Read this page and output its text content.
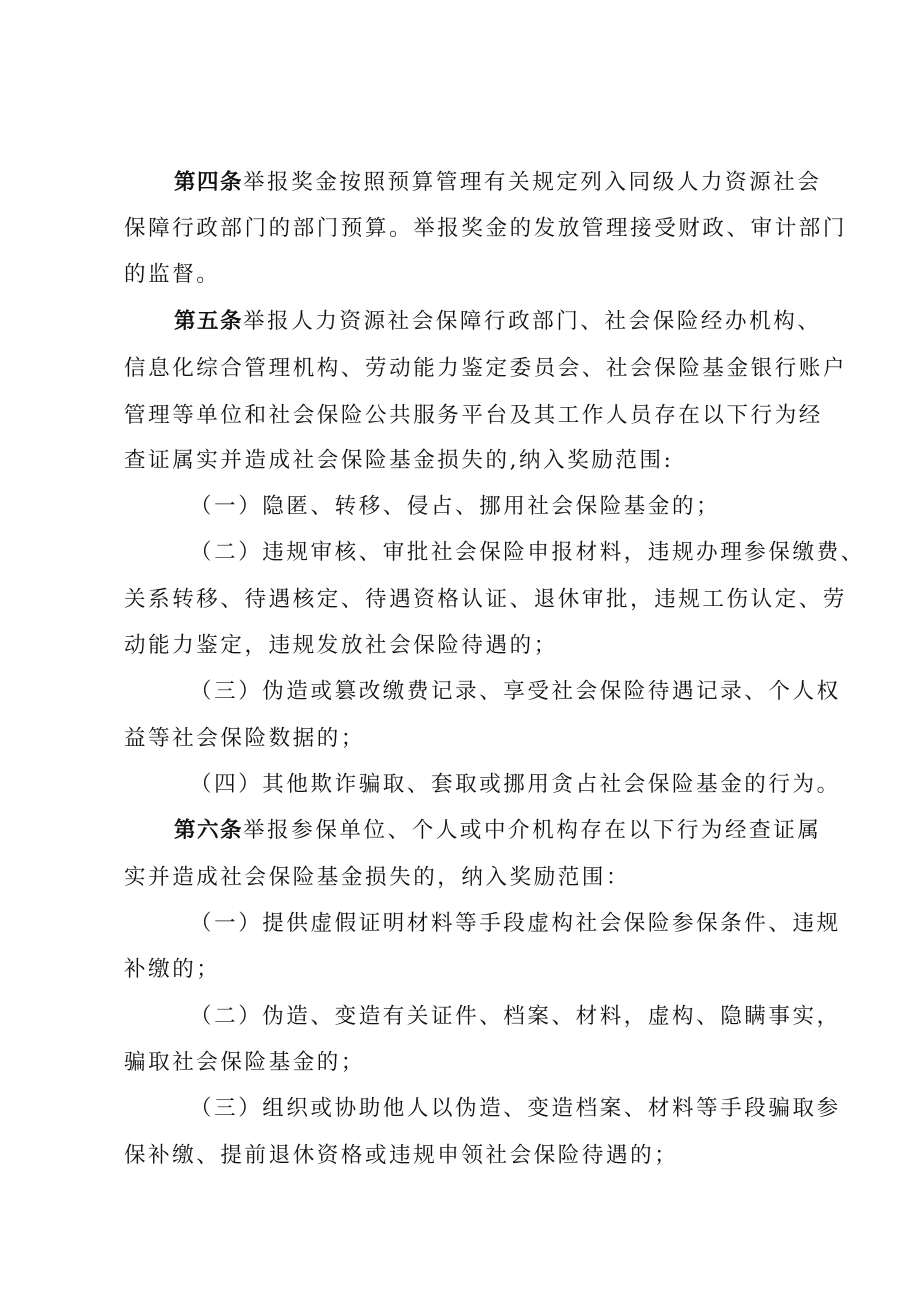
第四条举报奖金按照预算管理有关规定列入同级人力资源社会
保障行政部门的部门预算。举报奖金的发放管理接受财政、审计部门
的监督。
第五条举报人力资源社会保障行政部门、社会保险经办机构、
信息化综合管理机构、劳动能力鉴定委员会、社会保险基金银行账户
管理等单位和社会保险公共服务平台及其工作人员存在以下行为经
查证属实并造成社会保险基金损失的,纳入奖励范围:
（一）隐匿、转移、侵占、挪用社会保险基金的；
（二）违规审核、审批社会保险申报材料，违规办理参保缴费、
关系转移、待遇核定、待遇资格认证、退休审批，违规工伤认定、劳
动能力鉴定，违规发放社会保险待遇的；
（三）伪造或篡改缴费记录、享受社会保险待遇记录、个人权
益等社会保险数据的；
（四）其他欺诈骗取、套取或挪用贪占社会保险基金的行为。
第六条举报参保单位、个人或中介机构存在以下行为经查证属
实并造成社会保险基金损失的，纳入奖励范围：
（一）提供虚假证明材料等手段虚构社会保险参保条件、违规
补缴的；
（二）伪造、变造有关证件、档案、材料，虚构、隐瞒事实，
骗取社会保险基金的；
（三）组织或协助他人以伪造、变造档案、材料等手段骗取参
保补缴、提前退休资格或违规申领社会保险待遇的；
